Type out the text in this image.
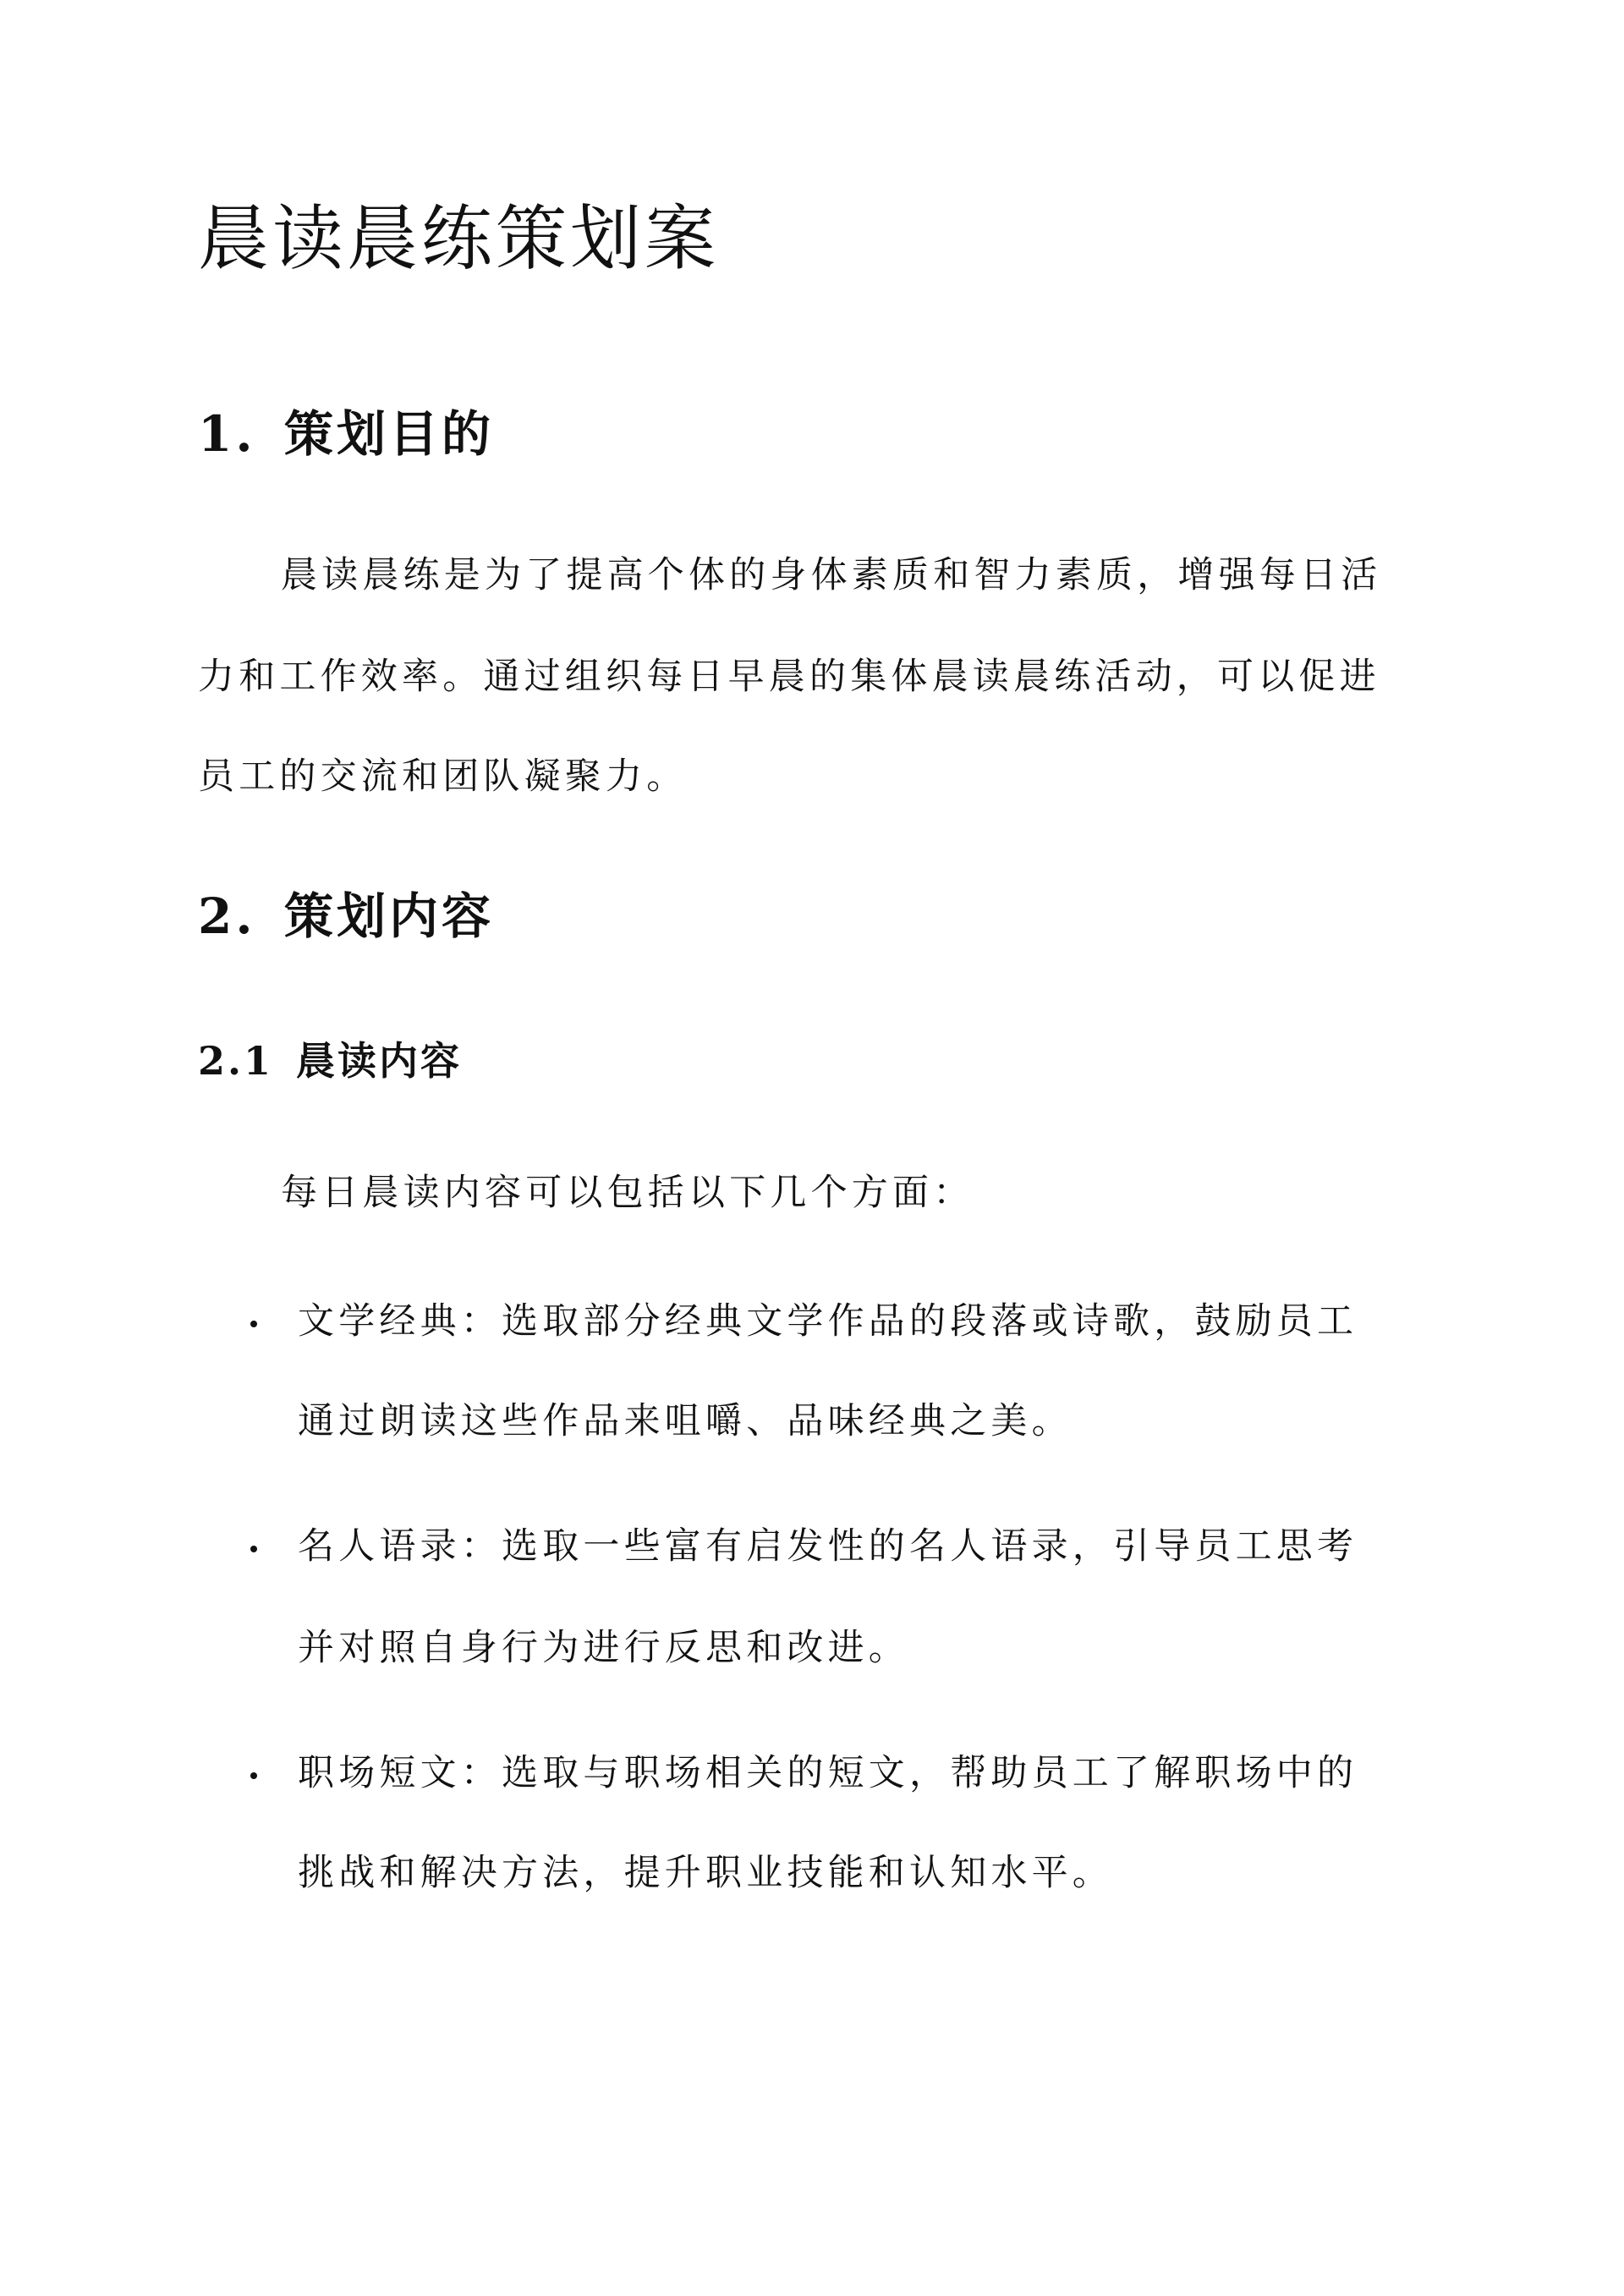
晨读晨练策划案
1. 策划目的
晨读晨练是为了提高个体的身体素质和智力素质，增强每日活
力和工作效率。通过组织每日早晨的集体晨读晨练活动，可以促进
员工的交流和团队凝聚力。
2. 策划内容
2.1 晨读内容
每日晨读内容可以包括以下几个方面：
文学经典：选取部分经典文学作品的段落或诗歌，鼓励员工
通过朗读这些作品来咀嚼、品味经典之美。
名人语录：选取一些富有启发性的名人语录，引导员工思考
并对照自身行为进行反思和改进。
职场短文：选取与职场相关的短文，帮助员工了解职场中的
挑战和解决方法，提升职业技能和认知水平。
